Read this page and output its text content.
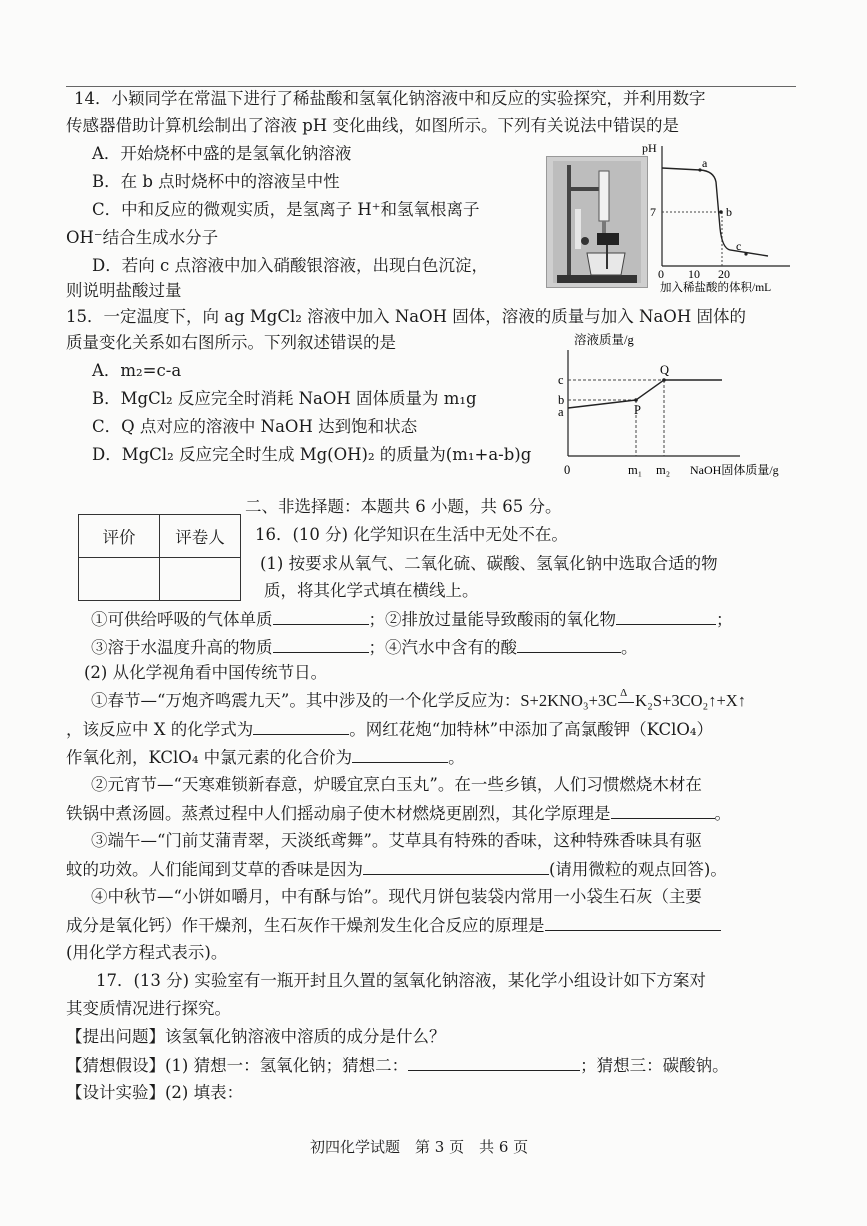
14．小颖同学在常温下进行了稀盐酸和氢氧化钠溶液中和反应的实验探究，并利用数字
传感器借助计算机绘制出了溶液 pH 变化曲线，如图所示。下列有关说法中错误的是
A．开始烧杯中盛的是氢氧化钠溶液
B．在 b 点时烧杯中的溶液呈中性
C．中和反应的微观实质，是氢离子 H⁺和氢氧根离子
OH⁻结合生成水分子
D．若向 c 点溶液中加入硝酸银溶液，出现白色沉淀，
则说明盐酸过量
pH
7
a
b
c
0 10 20
加入稀盐酸的体积/mL
15．一定温度下，向 ag MgCl₂ 溶液中加入 NaOH 固体，溶液的质量与加入 NaOH 固体的
质量变化关系如右图所示。下列叙述错误的是
A．m₂=c-a
B．MgCl₂ 反应完全时消耗 NaOH 固体质量为 m₁g
C．Q 点对应的溶液中 NaOH 达到饱和状态
D．MgCl₂ 反应完全时生成 Mg(OH)₂ 的质量为(m₁+a-b)g
溶液质量/g
c
b
a	P
Q
0	m₁ m₂ NaOH固体质量/g
二、非选择题：本题共 6 小题，共 65 分。
评价	评卷人
	16．(10 分) 化学知识在生活中无处不在。
(1) 按要求从氧气、二氧化硫、碳酸、氢氧化钠中选取合适的物
质，将其化学式填在横线上。
①可供给呼吸的气体单质	；②排放过量能导致酸雨的氧化物	；
③溶于水温度升高的物质	；④汽水中含有的酸	。
(2) 从化学视角看中国传统节日。
①春节—“万炮齐鸣震九天”。其中涉及的一个化学反应为：S+2KNO₃+3C Δ K₂S+3CO₂↑+X↑
，该反应中 X 的化学式为	。网红花炮“加特林”中添加了高氯酸钾（KClO₄）
作氧化剂，KClO₄ 中氯元素的化合价为	。
②元宵节—“天寒难锁新春意，炉暖宜烹白玉丸”。在一些乡镇，人们习惯燃烧木材在
铁锅中煮汤圆。蒸煮过程中人们摇动扇子使木材燃烧更剧烈，其化学原理是	。
③端午—“门前艾蒲青翠，天淡纸鸢舞”。艾草具有特殊的香味，这种特殊香味具有驱
蚊的功效。人们能闻到艾草的香味是因为	(请用微粒的观点回答)。
④中秋节—“小饼如嚼月，中有酥与饴”。现代月饼包装袋内常用一小袋生石灰（主要
成分是氧化钙）作干燥剂，生石灰作干燥剂发生化合反应的原理是
(用化学方程式表示)。
17．(13 分) 实验室有一瓶开封且久置的氢氧化钠溶液，某化学小组设计如下方案对
其变质情况进行探究。
【提出问题】该氢氧化钠溶液中溶质的成分是什么？
【猜想假设】(1) 猜想一：氢氧化钠；猜想二：	；猜想三：碳酸钠。
【设计实验】(2) 填表：
初四化学试题　第 3 页　共 6 页
